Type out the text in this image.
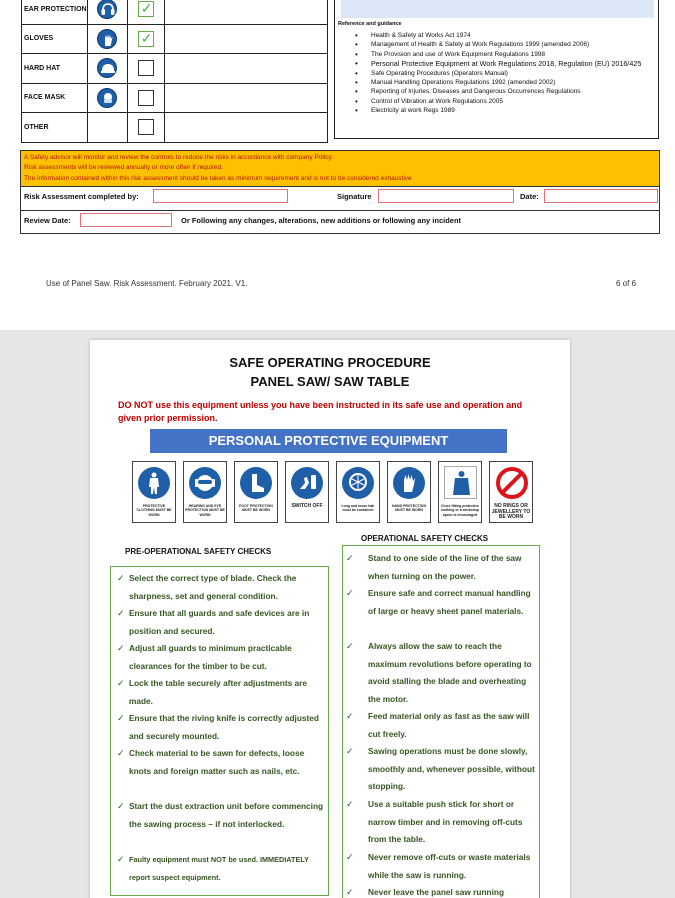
EAR PROTECTION		✓	

GLOVES		✓	

HARD HAT	

FACE MASK	

OTHER			
Reference and guidance
• Health & Safety at Works Act 1974
• Management of Health & Safety at Work Regulations 1999 (amended 2006)
• The Provision and use of Work Equipment Regulations 1998
• Personal Protective Equipment at Work Regulations 2018, Regulation (EU) 2016/425
• Safe Operating Procedures (Operators Manual)
• Manual Handling Operations Regulations 1992 (amended 2002)
• Reporting of Injuries, Diseases and Dangerous Occurrences Regulations
• Control of Vibration at Work Regulations 2005
• Electricity at work Regs 1989
A Safety advisor will monitor and review the controls to reduce the risks in accordance with company Policy.
Risk assessments will be reviewed annually or more often if required.
The information contained within this risk assessment should be taken as minimum requirement and is not to be considered exhaustive
Risk Assessment completed by:	Signature	Date:
Review Date:	Or Following any changes, alterations, new additions or following any incident
Use of Panel Saw. Risk Assessment. February 2021. V1.	6 of 6
SAFE OPERATING PROCEDURE
PANEL SAW/ SAW TABLE
DO NOT use this equipment unless you have been instructed in its safe use and operation and given prior permission.
PERSONAL PROTECTIVE EQUIPMENT
PROTECTIVE CLOTHING MUST BE WORN
HEARING AND EYE PROTECTION MUST BE WORN
FOOT PROTECTION MUST BE WORN
SWITCH OFF	Long and loose hair must be contained
HAND PROTECTION MUST BE WORN
Close fitting protective clothing or a workshop apron is encouraged
NO RINGS OR JEWELLERY TO BE WORN
PRE-OPERATIONAL SAFETY CHECKS
OPERATIONAL SAFETY CHECKS
✓ Select the correct type of blade. Check the sharpness, set and general condition.
✓ Ensure that all guards and safe devices are in position and secured.
✓ Adjust all guards to minimum practicable clearances for the timber to be cut.
✓ Lock the table securely after adjustments are made.
✓ Ensure that the riving knife is correctly adjusted and securely mounted.
✓ Check material to be sawn for defects, loose knots and foreign matter such as nails, etc.
✓ Start the dust extraction unit before commencing the sawing process – if not interlocked.
✓ Faulty equipment must NOT be used. IMMEDIATELY report suspect equipment.
✓ Stand to one side of the line of the saw when turning on the power.
✓ Ensure safe and correct manual handling of large or heavy sheet panel materials.
✓ Always allow the saw to reach the maximum revolutions before operating to avoid stalling the blade and overheating the motor.
✓ Feed material only as fast as the saw will cut freely.
✓ Sawing operations must be done slowly, smoothly and, whenever possible, without stopping.
✓ Use a suitable push stick for short or narrow timber and in removing off-cuts from the table.
✓ Never remove off-cuts or waste materials while the saw is running.
✓ Never leave the panel saw running
